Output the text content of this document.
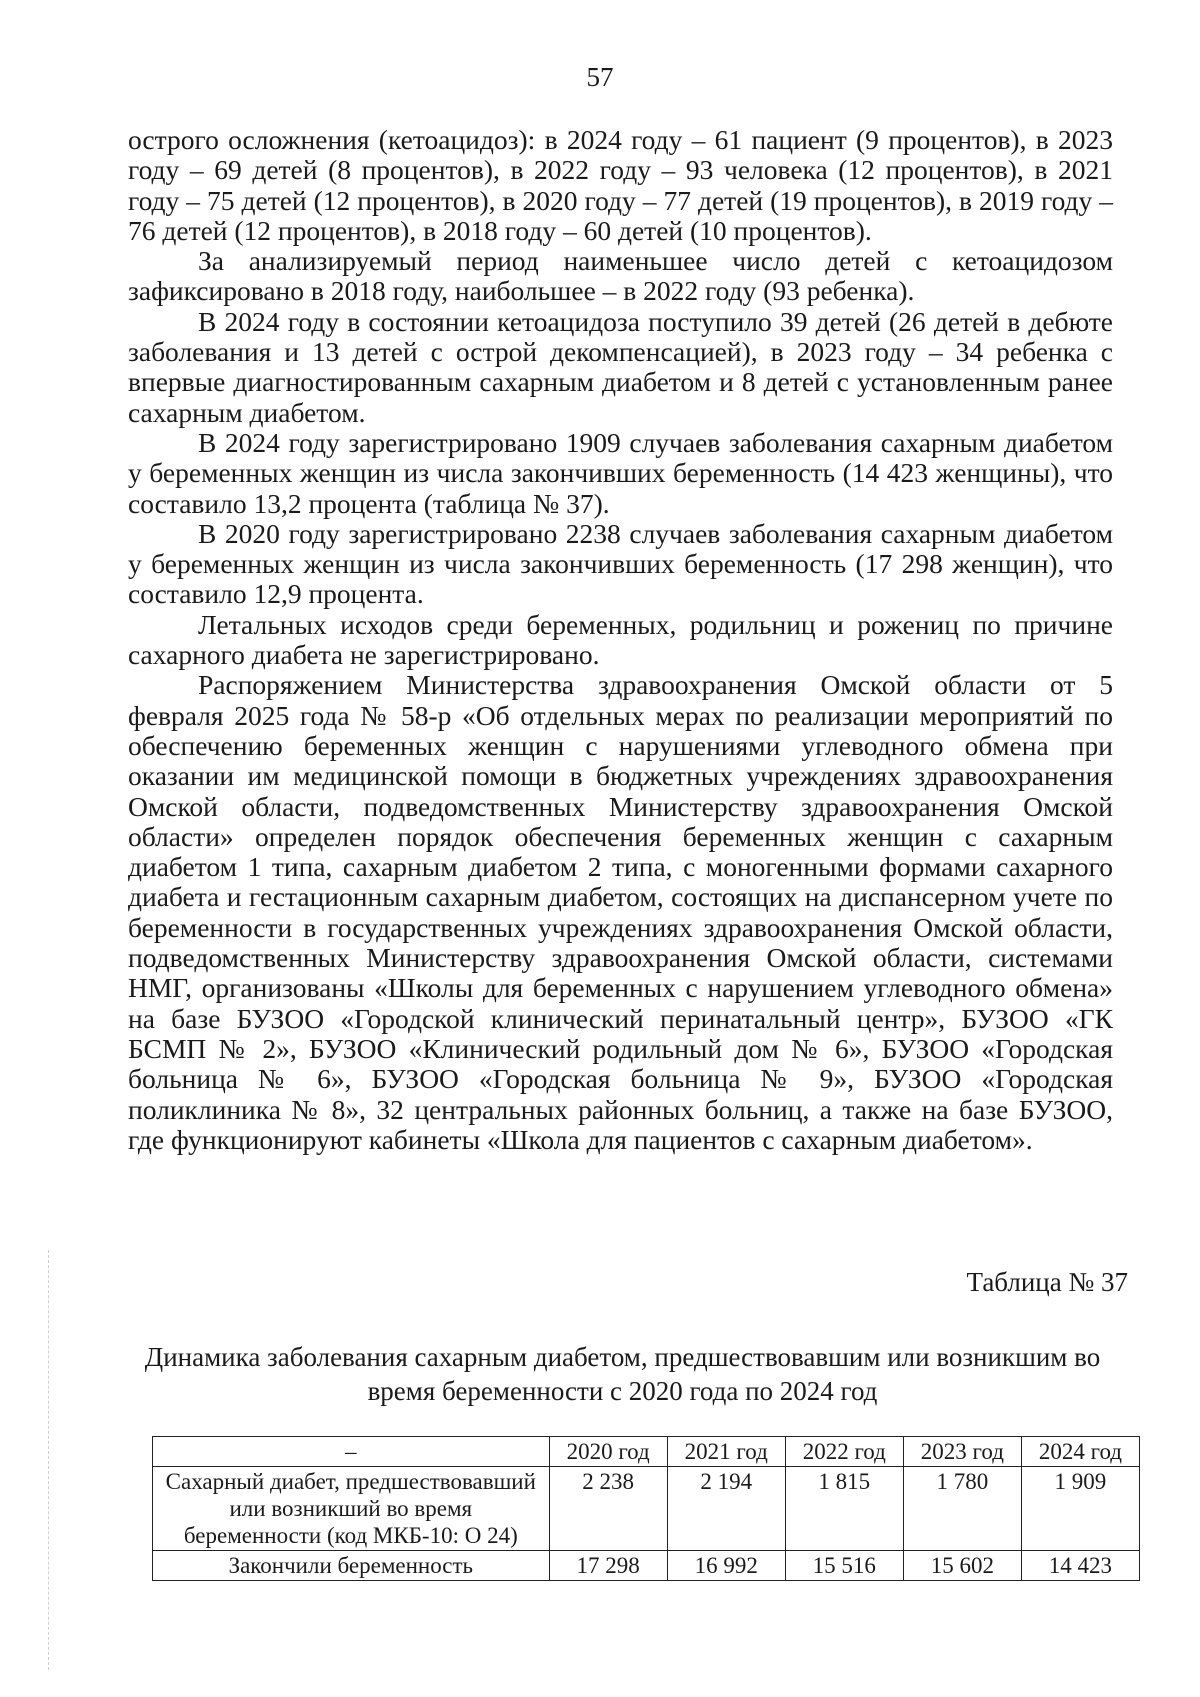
57

острого осложнения (кетоацидоз): в 2024 году – 61 пациент (9 процентов), в 2023 году – 69 детей (8 процентов), в 2022 году – 93 человека (12 процентов), в 2021 году – 75 детей (12 процентов), в 2020 году – 77 детей (19 процентов), в 2019 году – 76 детей (12 процентов), в 2018 году – 60 детей (10 процентов).

За анализируемый период наименьшее число детей с кетоацидозом зафиксировано в 2018 году, наибольшее – в 2022 году (93 ребенка).

В 2024 году в состоянии кетоацидоза поступило 39 детей (26 детей в дебюте заболевания и 13 детей с острой декомпенсацией), в 2023 году – 34 ребенка с впервые диагностированным сахарным диабетом и 8 детей с установленным ранее сахарным диабетом.

В 2024 году зарегистрировано 1909 случаев заболевания сахарным диабетом у беременных женщин из числа закончивших беременность (14 423 женщины), что составило 13,2 процента (таблица № 37).

В 2020 году зарегистрировано 2238 случаев заболевания сахарным диабетом у беременных женщин из числа закончивших беременность (17 298 женщин), что составило 12,9 процента.

Летальных исходов среди беременных, родильниц и рожениц по причине сахарного диабета не зарегистрировано.

Распоряжением Министерства здравоохранения Омской области от 5 февраля 2025 года № 58-р «Об отдельных мерах по реализации мероприятий по обеспечению беременных женщин с нарушениями углеводного обмена при оказании им медицинской помощи в бюджетных учреждениях здравоохранения Омской области, подведомственных Министерству здравоохранения Омской области» определен порядок обеспечения беременных женщин с сахарным диабетом 1 типа, сахарным диабетом 2 типа, с моногенными формами сахарного диабета и гестационным сахарным диабетом, состоящих на диспансерном учете по беременности в государственных учреждениях здравоохранения Омской области, подведомственных Министерству здравоохранения Омской области, системами НМГ, организованы «Школы для беременных с нарушением углеводного обмена» на базе БУЗОО «Городской клинический перинатальный центр», БУЗОО «ГК БСМП № 2», БУЗОО «Клинический родильный дом № 6», БУЗОО «Городская больница № 6», БУЗОО «Городская больница № 9», БУЗОО «Городская поликлиника № 8», 32 центральных районных больниц, а также на базе БУЗОО, где функционируют кабинеты «Школа для пациентов с сахарным диабетом».

Таблица № 37
Динамика заболевания сахарным диабетом, предшествовавшим или возникшим во время беременности с 2020 года по 2024 год
–	2020 год	2021 год	2022 год	2023 год	2024 год
Сахарный диабет, предшествовавший или возникший во время беременности (код МКБ-10: O 24)	2 238	2 194	1 815	1 780	1 909
Закончили беременность	17 298	16 992	15 516	15 602	14 423
